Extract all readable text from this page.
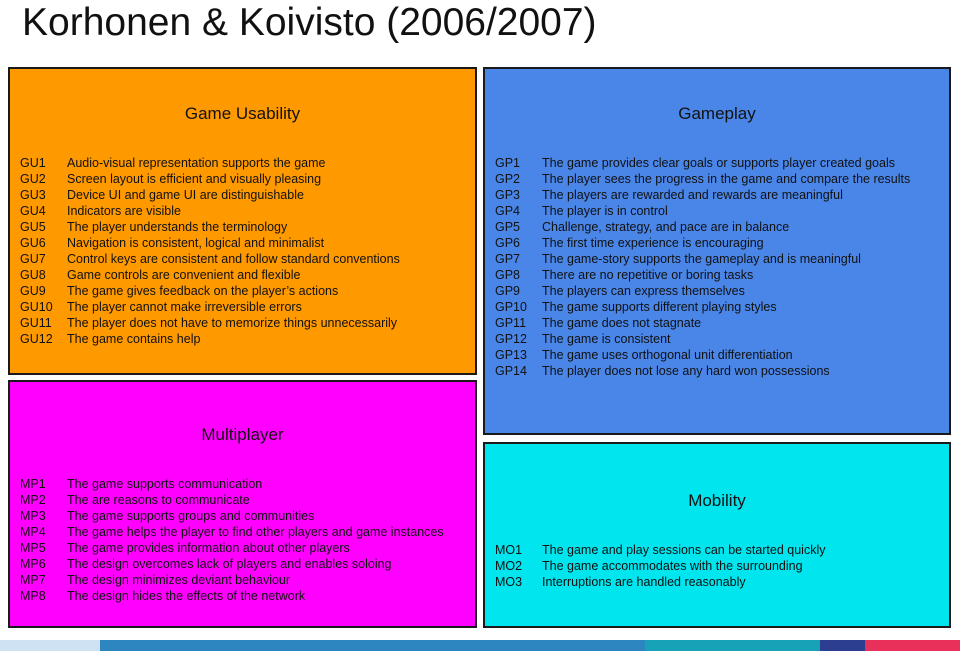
Korhonen & Koivisto (2006/2007)
Game Usability
GU1	Audio-visual representation supports the game
GU2	Screen layout is efficient and visually pleasing
GU3	Device UI and game UI are distinguishable
GU4	Indicators are visible
GU5	The player understands the terminology
GU6	Navigation is consistent, logical and minimalist
GU7	Control keys are consistent and follow standard conventions
GU8	Game controls are convenient and flexible
GU9	The game gives feedback on the player’s actions
GU10	The player cannot make irreversible errors
GU11	The player does not have to memorize things unnecessarily
GU12	The game contains help
Gameplay
GP1	The game provides clear goals or supports player created goals
GP2	The player sees the progress in the game and compare the results
GP3	The players are rewarded and rewards are meaningful
GP4	The player is in control
GP5	Challenge, strategy, and pace are in balance
GP6	The first time experience is encouraging
GP7	The game-story supports the gameplay and is meaningful
GP8	There are no repetitive or boring tasks
GP9	The players can express themselves
GP10	The game supports different playing styles
GP11	The game does not stagnate
GP12	The game is consistent
GP13	The game uses orthogonal unit differentiation
GP14	The player does not lose any hard won possessions
Multiplayer
MP1	The game supports communication
MP2	The are reasons to communicate
MP3	The game supports groups and communities
MP4	The game helps the player to find other players and game instances
MP5	The game provides information about other players
MP6	The design overcomes lack of players and enables soloing
MP7	The design minimizes deviant behaviour
MP8	The design hides the effects of the network
Mobility
MO1	The game and play sessions can be started quickly
MO2	The game accommodates with the surrounding
MO3	Interruptions are handled reasonably
